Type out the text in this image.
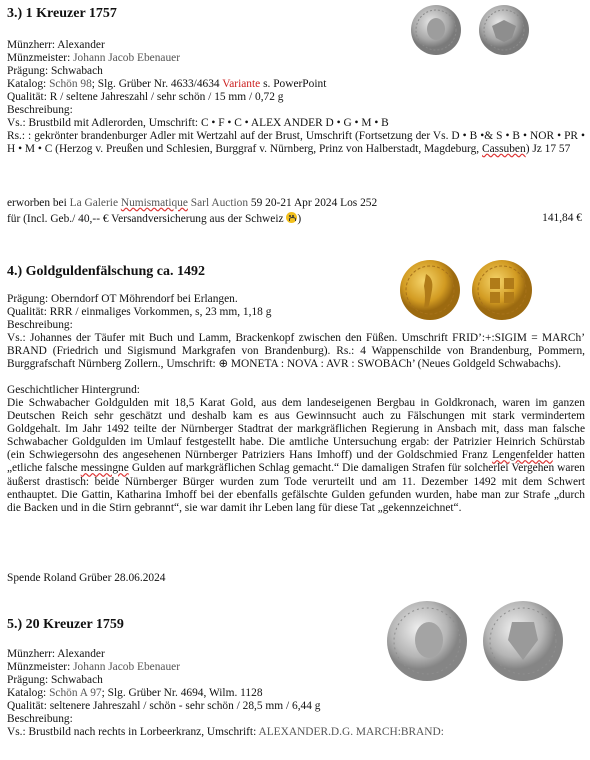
3.) 1 Kreuzer 1757
Münzherr: Alexander
Münzmeister: Johann Jacob Ebenauer
Prägung: Schwabach
Katalog: Schön 98; Slg. Grüber Nr. 4633/4634 Variante s. PowerPoint
Qualität: R / seltene Jahreszahl / sehr schön / 15 mm / 0,72 g
Beschreibung:
Vs.: Brustbild mit Adlerorden, Umschrift: C • F • C • ALEX ANDER D • G • M • B
Rs.: : gekrönter brandenburger Adler mit Wertzahl auf der Brust, Umschrift (Fortsetzung der Vs. D • B •& S • B • NOR • PR • H • M • C (Herzog v. Preußen und Schlesien, Burggraf v. Nürnberg, Prinz von Halberstadt, Magdeburg, Cassuben) Jz 17 57
erworben bei La Galerie Numismatique Sarl Auction 59 20-21 Apr 2024 Los 252
für (Incl. Geb./ 40,-- € Versandversicherung aus der Schweiz
)	141,84 €
4.) Goldguldenfälschung ca. 1492
Prägung: Oberndorf OT Möhrendorf bei Erlangen.
Qualität: RRR / einmaliges Vorkommen, s, 23 mm, 1,18 g
Beschreibung:
Vs.: Johannes der Täufer mit Buch und Lamm, Brackenkopf zwischen den Füßen. Umschrift FRID’:+:SIGIM = MARCh’ BRAND (Friedrich und Sigismund Markgrafen von Brandenburg). Rs.: 4 Wappenschilde von Brandenburg, Pommern, Burggrafschaft Nürnberg Zollern., Umschrift: ⊕ MONETA : NOVA : AVR : SWOBACh’ (Neues Goldgeld Schwabachs).
Geschichtlicher Hintergrund:
Die Schwabacher Goldgulden mit 18,5 Karat Gold, aus dem landeseigenen Bergbau in Goldkronach, waren im ganzen Deutschen Reich sehr geschätzt und deshalb kam es aus Gewinnsucht auch zu Fälschungen mit stark vermindertem Goldgehalt. Im Jahr 1492 teilte der Nürnberger Stadtrat der markgräflichen Regierung in Ansbach mit, dass man falsche Schwabacher Goldgulden im Umlauf festgestellt habe. Die amtliche Untersuchung ergab: der Patrizier Heinrich Schürstab (ein Schwiegersohn des angesehenen Nürnberger Patriziers Hans Imhoff) und der Goldschmied Franz Lengenfelder hatten „etliche falsche messingne Gulden auf markgräflichen Schlag gemacht.“ Die damaligen Strafen für solcherlei Vergehen waren äußerst drastisch: beide Nürnberger Bürger wurden zum Tode verurteilt und am 11. Dezember 1492 mit dem Schwert enthauptet. Die Gattin, Katharina Imhoff bei der ebenfalls gefälschte Gulden gefunden wurden, habe man zur Strafe „durch die Backen und in die Stirn gebrannt“, sie war damit ihr Leben lang für diese Tat „gekennzeichnet“.
Spende Roland Grüber 28.06.2024
5.) 20 Kreuzer 1759
Münzherr: Alexander
Münzmeister: Johann Jacob Ebenauer
Prägung: Schwabach
Katalog: Schön A 97; Slg. Grüber Nr. 4694, Wilm. 1128
Qualität: seltenere Jahreszahl / schön - sehr schön / 28,5 mm / 6,44 g
Beschreibung:
Vs.: Brustbild nach rechts in Lorbeerkranz, Umschrift: ALEXANDER.D.G. MARCH:BRAND:
